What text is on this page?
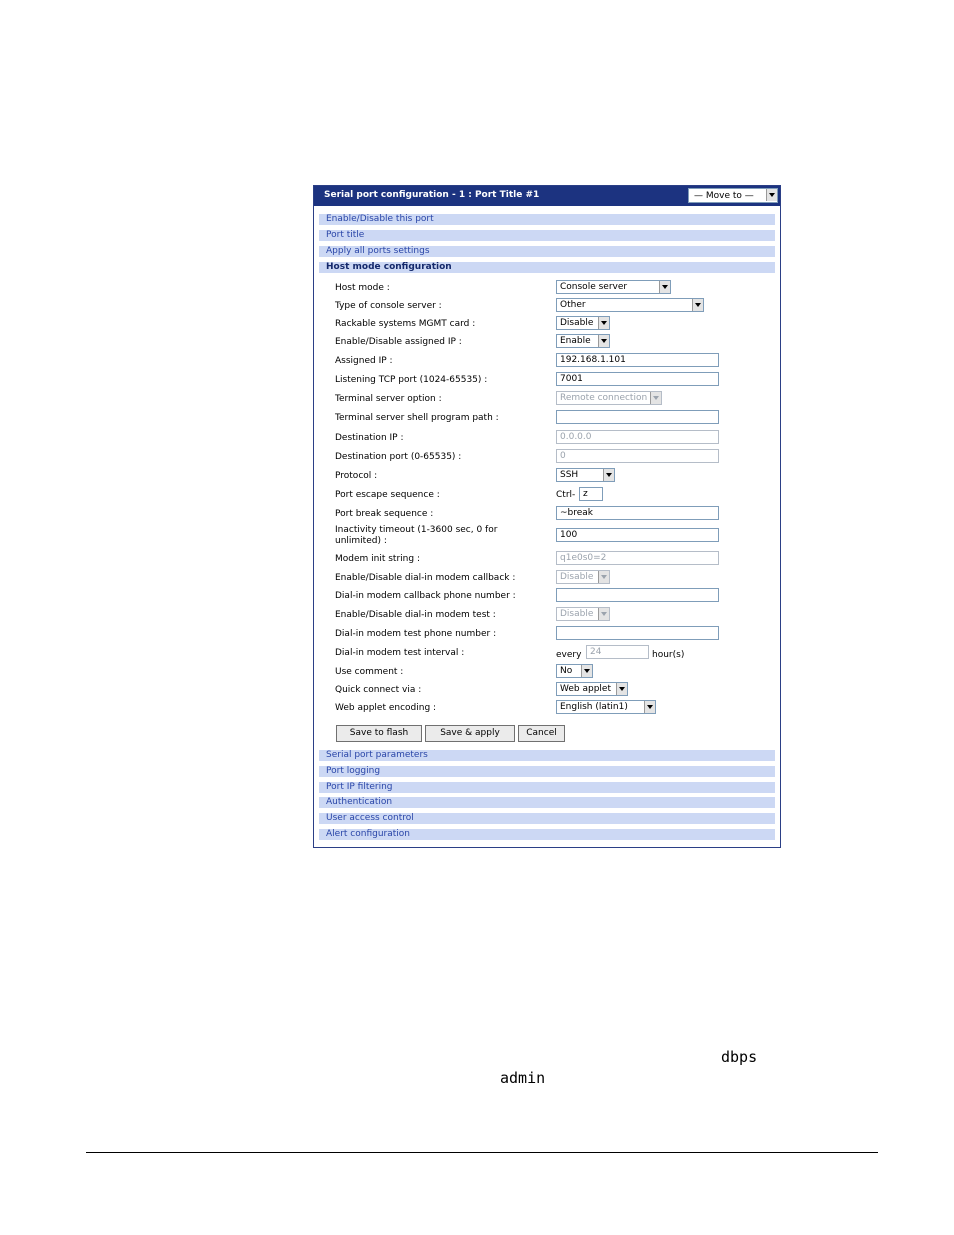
Serial port configuration - 1 : Port Title #1	— Move to —
Enable/Disable this port
Port title
Apply all ports settings
Host mode configuration
Host mode :	Console server
Type of console server :	Other
Rackable systems MGMT card :	Disable
Enable/Disable assigned IP :	Enable
Assigned IP :	192.168.1.101
Listening TCP port (1024-65535) :	7001
Terminal server option :	Remote connection
Terminal server shell program path :
Destination IP :	0.0.0.0
Destination port (0-65535) :	0
Protocol :	SSH
Port escape sequence :	Ctrl- z
Port break sequence :	~break
Inactivity timeout (1-3600 sec, 0 for unlimited) :
100
Modem init string :	q1e0s0=2
Enable/Disable dial-in modem callback :	Disable
Dial-in modem callback phone number :
Enable/Disable dial-in modem test :	Disable
Dial-in modem test phone number :
Dial-in modem test interval :	every 24	hour(s)
Use comment :	No
Quick connect via :	Web applet
Web applet encoding :	English (latin1)
Save to flash	Save & apply	Cancel
Serial port parameters
Port logging
Port IP filtering
Authentication
User access control
Alert configuration
dbps
admin
